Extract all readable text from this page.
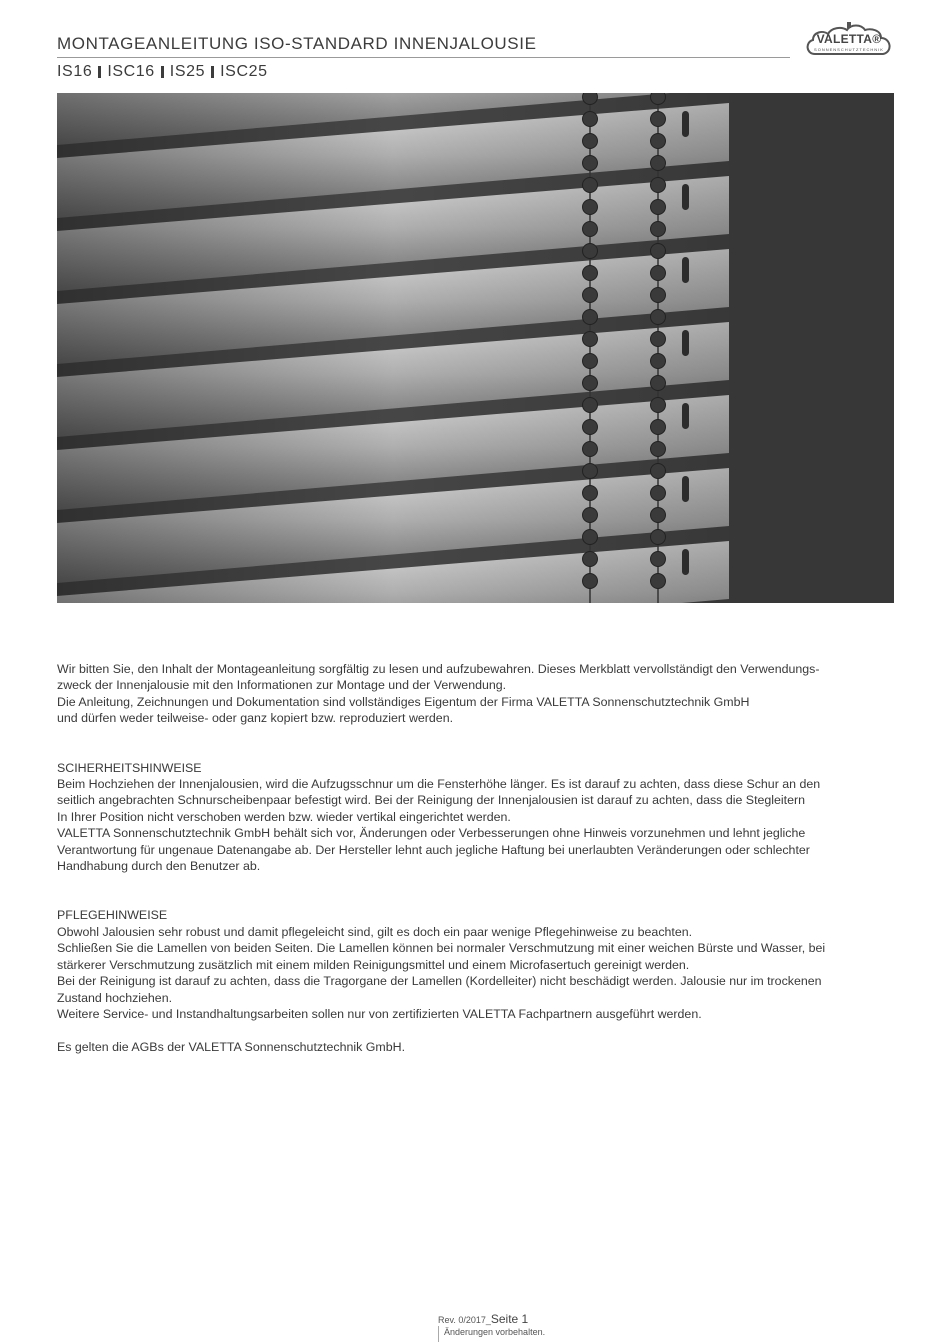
MONTAGEANLEITUNG ISO-STANDARD INNENJALOUSIE
IS16 ISC16 IS25 ISC25
VALETTA®
SONNENSCHUTZTECHNIK

Wir bitten Sie, den Inhalt der Montageanleitung sorgfältig zu lesen und aufzubewahren. Dieses Merkblatt vervollständigt den Verwendungs-

zweck der Innenjalousie mit den Informationen zur Montage und der Verwendung.

Die Anleitung, Zeichnungen und Dokumentation sind vollständiges Eigentum der Firma VALETTA Sonnenschutztechnik GmbH

und dürfen weder teilweise- oder ganz kopiert bzw. reproduziert werden.

SCIHERHEITSHINWEISE

Beim Hochziehen der Innenjalousien, wird die Aufzugsschnur um die Fensterhöhe länger. Es ist darauf zu achten, dass diese Schur an den

seitlich angebrachten Schnurscheibenpaar befestigt wird. Bei der Reinigung der Innenjalousien ist darauf zu achten, dass die Stegleitern

In Ihrer Position nicht verschoben werden bzw. wieder vertikal eingerichtet werden.

VALETTA Sonnenschutztechnik GmbH behält sich vor, Änderungen oder Verbesserungen ohne Hinweis vorzunehmen und lehnt jegliche

Verantwortung für ungenaue Datenangabe ab. Der Hersteller lehnt auch jegliche Haftung bei unerlaubten Veränderungen oder schlechter

Handhabung durch den Benutzer ab.

PFLEGEHINWEISE

Obwohl Jalousien sehr robust und damit pflegeleicht sind, gilt es doch ein paar wenige Pflegehinweise zu beachten.

Schließen Sie die Lamellen von beiden Seiten. Die Lamellen können bei normaler Verschmutzung mit einer weichen Bürste und Wasser, bei

stärkerer Verschmutzung zusätzlich mit einem milden Reinigungsmittel und einem Microfasertuch gereinigt werden.

Bei der Reinigung ist darauf zu achten, dass die Tragorgane der Lamellen (Kordelleiter) nicht beschädigt werden. Jalousie nur im trockenen

Zustand hochziehen.

Weitere Service- und Instandhaltungsarbeiten sollen nur von zertifizierten VALETTA Fachpartnern ausgeführt werden.

Es gelten die AGBs der VALETTA Sonnenschutztechnik GmbH.

Rev. 0/2017_Seite 1
Änderungen vorbehalten.
